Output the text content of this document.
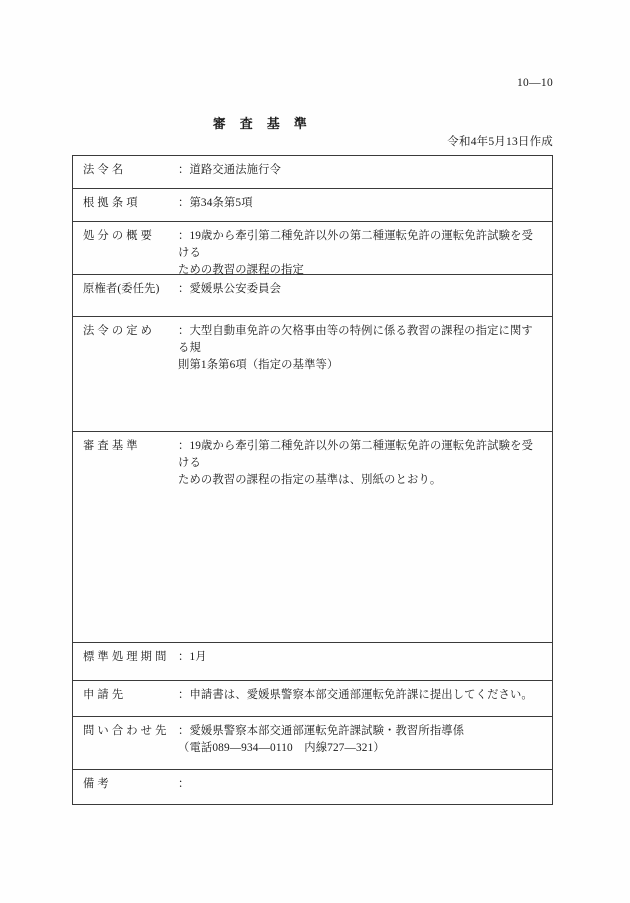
10—10
審　査　基　準
令和4年5月13日作成
法 令 名	：道路交通法施行令

根 拠 条 項	：第34条第5項

処 分 の 概 要 ：19歳から牽引第二種免許以外の第二種運転免許の運転免許試験を受ける
ための教習の課程の指定

原権者(委任先) ：愛媛県公安委員会

法 令 の 定 め ：大型自動車免許の欠格事由等の特例に係る教習の課程の指定に関する規
則第1条第6項（指定の基準等）

審 査 基 準	：19歳から牽引第二種免許以外の第二種運転免許の運転免許試験を受ける
ための教習の課程の指定の基準は、別紙のとおり。

標 準 処 理 期 間 ：1月

申 請 先	：申請書は、愛媛県警察本部交通部運転免許課に提出してください。

問 い 合 わ せ 先 ：愛媛県警察本部交通部運転免許課試験・教習所指導係
（電話089—934—0110　内線727—321）

備 考	：
